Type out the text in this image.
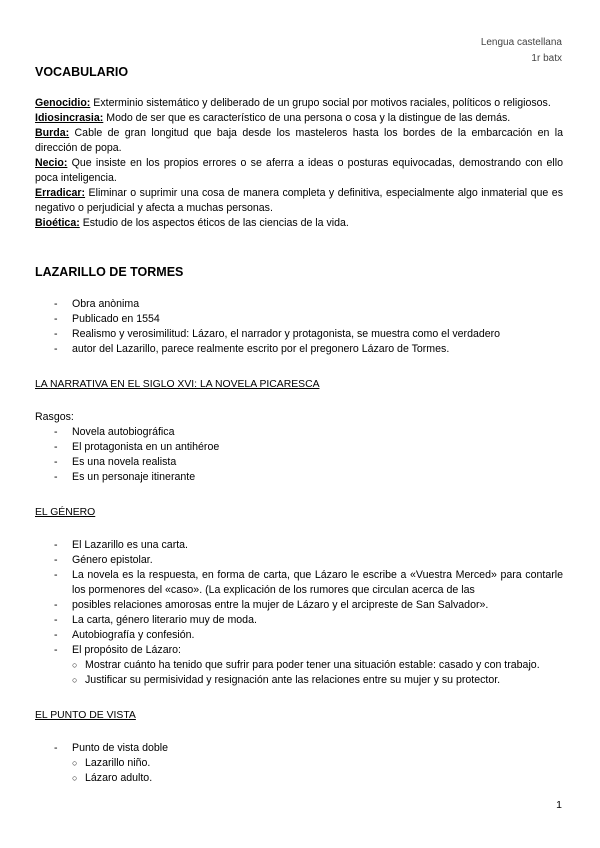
Lengua castellana
1r batx
VOCABULARIO

Genocidio: Exterminio sistemático y deliberado de un grupo social por motivos raciales, políticos o religiosos.

Idiosincrasia: Modo de ser que es característico de una persona o cosa y la distingue de las demás.

Burda: Cable de gran longitud que baja desde los masteleros hasta los bordes de la embarcación en la dirección de popa.

Necio: Que insiste en los propios errores o se aferra a ideas o posturas equivocadas, demostrando con ello poca inteligencia.

Erradicar: Eliminar o suprimir una cosa de manera completa y definitiva, especialmente algo inmaterial que es negativo o perjudicial y afecta a muchas personas.

Bioética: Estudio de los aspectos éticos de las ciencias de la vida.

LAZARILLO DE TORMES
- Obra anònima
- Publicado en 1554
- Realismo y verosimilitud: Lázaro, el narrador y protagonista, se muestra como el verdadero
- autor del Lazarillo, parece realmente escrito por el pregonero Lázaro de Tormes.
LA NARRATIVA EN EL SIGLO XVI: LA NOVELA PICARESCA
Rasgos:
- Novela autobiográfica
- El protagonista en un antihéroe
- Es una novela realista
- Es un personaje itinerante
EL GÉNERO
- El Lazarillo es una carta.
- Género epistolar.
- La novela es la respuesta, en forma de carta, que Lázaro le escribe a «Vuestra Merced» para contarle los pormenores del «caso». (La explicación de los rumores que circulan acerca de las
- posibles relaciones amorosas entre la mujer de Lázaro y el arcipreste de San Salvador».
- La carta, género literario muy de moda.
- Autobiografía y confesión.
- El propósito de Lázaro:
○ Mostrar cuánto ha tenido que sufrir para poder tener una situación estable: casado y con trabajo.
○ Justificar su permisividad y resignación ante las relaciones entre su mujer y su protector.
EL PUNTO DE VISTA
- Punto de vista doble
○ Lazarillo niño.
○ Lázaro adulto.
1
